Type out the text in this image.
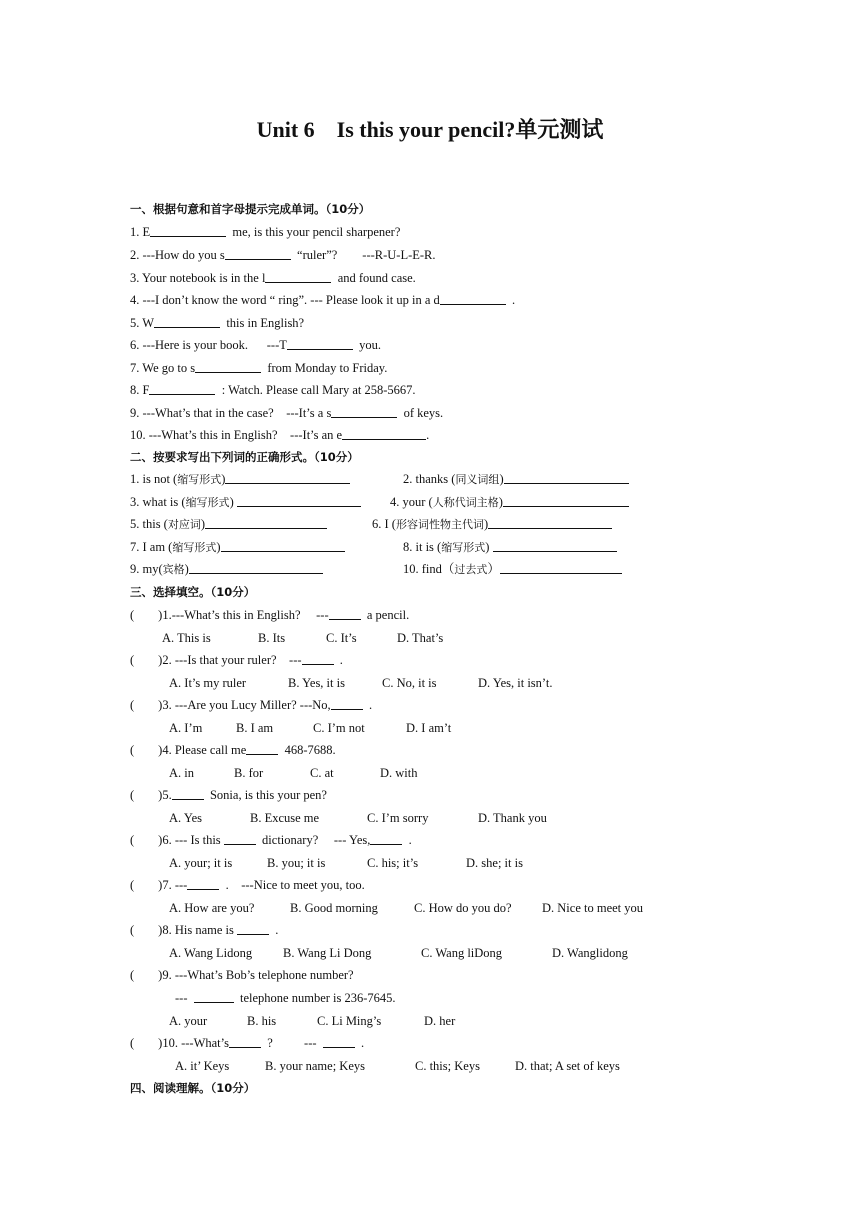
Unit 6    Is this your pencil?单元测试
一、根据句意和首字母提示完成单词。（10分）
1. E	me, is this your pencil sharpener?
2. ---How do you s	“ruler”?        ---R-U-L-E-R.
3. Your notebook is in the l	and found case.
4. ---I don’t know the word “ ring”. --- Please look it up in a d	.
5. W	this in English?
6. ---Here is your book.      ---T	you.
7. We go to s	from Monday to Friday.
8. F	: Watch. Please call Mary at 258-5667.
9. ---What’s that in the case?    ---It’s a s	of keys.
10. ---What’s this in English?    ---It’s an e	.
二、按要求写出下列词的正确形式。（10分）
1. is not (缩写形式)	2. thanks (同义词组)
3. what is (缩写形式)	4. your (人称代词主格)
5. this (对应词)	6. I (形容词性物主代词)
7. I am (缩写形式)	8. it is (缩写形式)
9. my(宾格)	10. find（过去式）
三、选择填空。（10分）
( )1.---What’s this in English?     ---	a pencil.
A. This is	B. Its	C. It’s	D. That’s
( )2. ---Is that your ruler?    ---	.
A. It’s my ruler	B. Yes, it is	C. No, it is	D. Yes, it isn’t.
( )3. ---Are you Lucy Miller? ---No,	.
A. I’m	B. I am	C. I’m not	D. I am’t
( )4. Please call me	468-7688.
A. in	B. for	C. at	D. with
( )5.	Sonia, is this your pen?
A. Yes	B. Excuse me	C. I’m sorry	D. Thank you
( )6. --- Is this	dictionary?     --- Yes,	.
A. your; it is	B. you; it is	C. his; it’s	D. she; it is
( )7. ---	.    ---Nice to meet you, too.
A. How are you?	B. Good morning	C. How do you do? D. Nice to meet you
( )8. His name is	.
A. Wang Lidong B. Wang Li Dong	C. Wang liDong	D. Wanglidong
( )9. ---What’s Bob’s telephone number?
---	telephone number is 236-7645.
A. your	B. his	C. Li Ming’s	D. her
( )10. ---What’s	?          ---	.
A. it’ Keys	B. your name; Keys	C. this; Keys	D. that; A set of keys
四、阅读理解。（10分）
